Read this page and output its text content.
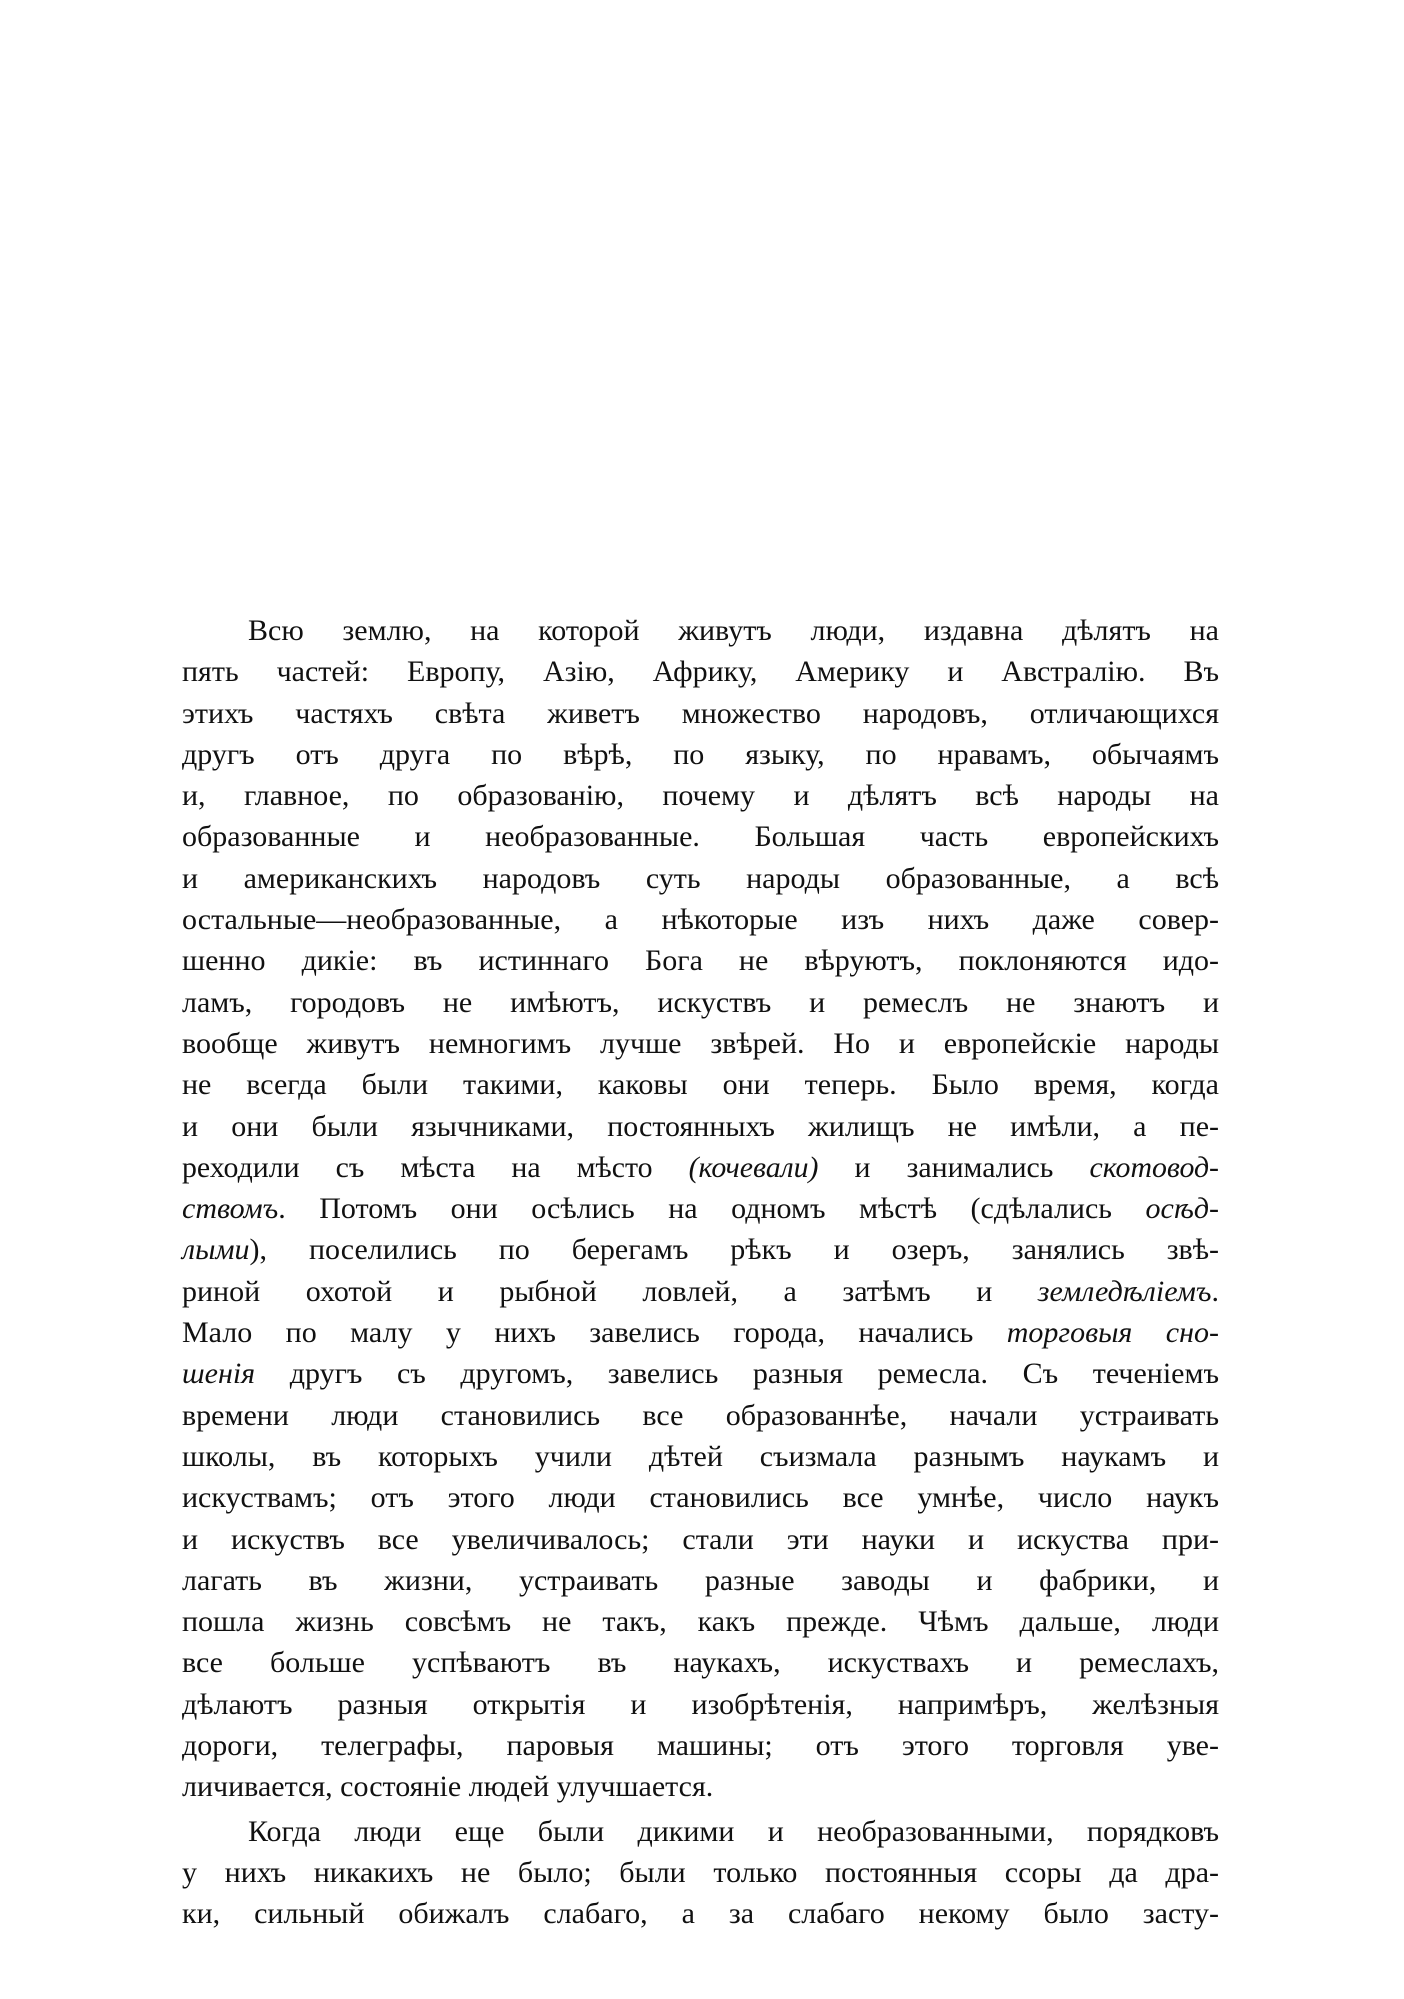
Всю землю, на которой живутъ люди, издавна дѣлятъ на
пять частей: Европу, Азію, Африку, Америку и Австралію. Въ
этихъ частяхъ свѣта живетъ множество народовъ, отличающихся
другъ отъ друга по вѣрѣ, по языку, по нравамъ, обычаямъ
и, главное, по образованію, почему и дѣлятъ всѣ народы на
образованные и необразованные. Большая часть европейскихъ
и американскихъ народовъ суть народы образованные, а всѣ
остальные—необразованные, а нѣкоторые изъ нихъ даже совер-
шенно дикіе: въ истиннаго Бога не вѣруютъ, поклоняются идо-
ламъ, городовъ не имѣютъ, искуствъ и ремеслъ не знаютъ и
вообще живутъ немногимъ лучше звѣрей. Но и европейскіе народы
не всегда были такими, каковы они теперь. Было время, когда
и они были язычниками, постоянныхъ жилищъ не имѣли, а пе-
реходили съ мѣста на мѣсто (кочевали) и занимались скотовод-
ствомъ. Потомъ они осѣлись на одномъ мѣстѣ (сдѣлались осѣд-
лыми), поселились по берегамъ рѣкъ и озеръ, занялись звѣ-
риной охотой и рыбной ловлей, а затѣмъ и земледѣліемъ.
Мало по малу у нихъ завелись города, начались торговыя сно-
шенія другъ съ другомъ, завелись разныя ремесла. Съ теченіемъ
времени люди становились все образованнѣе, начали устраивать
школы, въ которыхъ учили дѣтей съизмала разнымъ наукамъ и
искуствамъ; отъ этого люди становились все умнѣе, число наукъ
и искуствъ все увеличивалось; стали эти науки и искуства при-
лагать въ жизни, устраивать разные заводы и фабрики, и
пошла жизнь совсѣмъ не такъ, какъ прежде. Чѣмъ дальше, люди
все больше успѣваютъ въ наукахъ, искуствахъ и ремеслахъ,
дѣлаютъ разныя открытія и изобрѣтенія, напримѣръ, желѣзныя
дороги, телеграфы, паровыя машины; отъ этого торговля уве-
личивается, состояніе людей улучшается.
Когда люди еще были дикими и необразованными, порядковъ
у нихъ никакихъ не было; были только постоянныя ссоры да дра-
ки, сильный обижалъ слабаго, а за слабаго некому было засту-
